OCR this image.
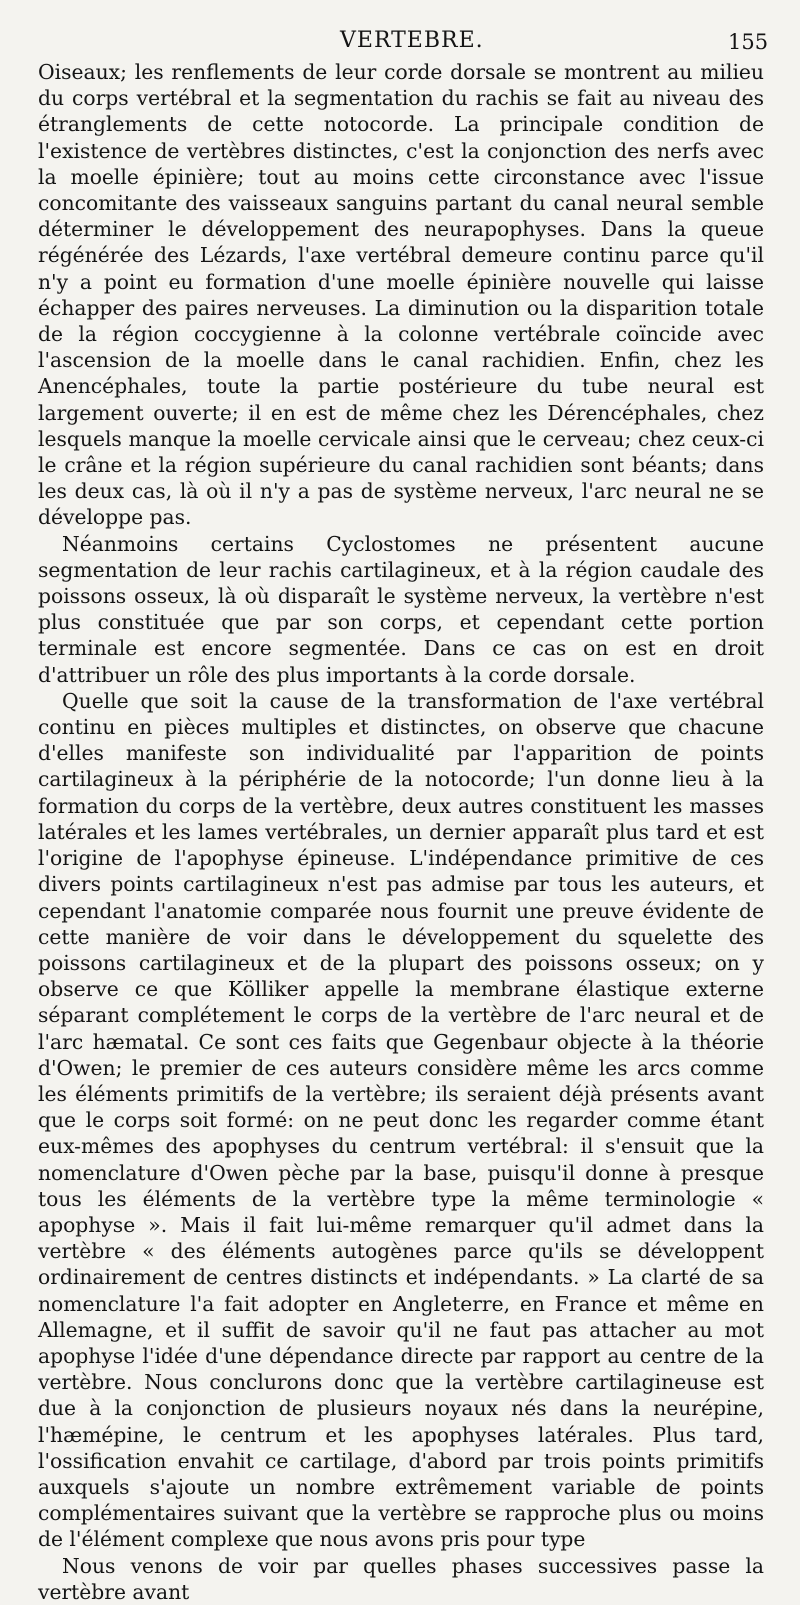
VERTEBRE.	155

Oiseaux; les renflements de leur corde dorsale se montrent au milieu du corps vertébral et la segmentation du rachis se fait au niveau des étranglements de cette notocorde. La principale condition de l'existence de vertèbres distinctes, c'est la conjonction des nerfs avec la moelle épinière; tout au moins cette circonstance avec l'issue concomitante des vaisseaux sanguins partant du canal neural semble déterminer le développement des neurapophyses. Dans la queue régénérée des Lézards, l'axe vertébral demeure continu parce qu'il n'y a point eu formation d'une moelle épinière nouvelle qui laisse échapper des paires nerveuses. La diminution ou la disparition totale de la région coccygienne à la colonne vertébrale coïncide avec l'ascension de la moelle dans le canal rachidien. Enfin, chez les Anencéphales, toute la partie postérieure du tube neural est largement ouverte; il en est de même chez les Dérencéphales, chez lesquels manque la moelle cervicale ainsi que le cerveau; chez ceux-ci le crâne et la région supérieure du canal rachidien sont béants; dans les deux cas, là où il n'y a pas de système nerveux, l'arc neural ne se développe pas.

Néanmoins certains Cyclostomes ne présentent aucune segmentation de leur rachis cartilagineux, et à la région caudale des poissons osseux, là où disparaît le système nerveux, la vertèbre n'est plus constituée que par son corps, et cependant cette portion terminale est encore segmentée. Dans ce cas on est en droit d'attribuer un rôle des plus importants à la corde dorsale.

Quelle que soit la cause de la transformation de l'axe vertébral continu en pièces multiples et distinctes, on observe que chacune d'elles manifeste son individualité par l'apparition de points cartilagineux à la périphérie de la notocorde; l'un donne lieu à la formation du corps de la vertèbre, deux autres constituent les masses latérales et les lames vertébrales, un dernier apparaît plus tard et est l'origine de l'apophyse épineuse. L'indépendance primitive de ces divers points cartilagineux n'est pas admise par tous les auteurs, et cependant l'anatomie comparée nous fournit une preuve évidente de cette manière de voir dans le développement du squelette des poissons cartilagineux et de la plupart des poissons osseux; on y observe ce que Kölliker appelle la membrane élastique externe séparant complétement le corps de la vertèbre de l'arc neural et de l'arc hæmatal. Ce sont ces faits que Gegenbaur objecte à la théorie d'Owen; le premier de ces auteurs considère même les arcs comme les éléments primitifs de la vertèbre; ils seraient déjà présents avant que le corps soit formé: on ne peut donc les regarder comme étant eux-mêmes des apophyses du centrum vertébral: il s'ensuit que la nomenclature d'Owen pèche par la base, puisqu'il donne à presque tous les éléments de la vertèbre type la même terminologie « apophyse ». Mais il fait lui-même remarquer qu'il admet dans la vertèbre « des éléments autogènes parce qu'ils se développent ordinairement de centres distincts et indépendants. » La clarté de sa nomenclature l'a fait adopter en Angleterre, en France et même en Allemagne, et il suffit de savoir qu'il ne faut pas attacher au mot apophyse l'idée d'une dépendance directe par rapport au centre de la vertèbre. Nous conclurons donc que la vertèbre cartilagineuse est due à la conjonction de plusieurs noyaux nés dans la neurépine, l'hæmépine, le centrum et les apophyses latérales. Plus tard, l'ossification envahit ce cartilage, d'abord par trois points primitifs auxquels s'ajoute un nombre extrêmement variable de points complémentaires suivant que la vertèbre se rapproche plus ou moins de l'élément complexe que nous avons pris pour type

Nous venons de voir par quelles phases successives passe la vertèbre avant
